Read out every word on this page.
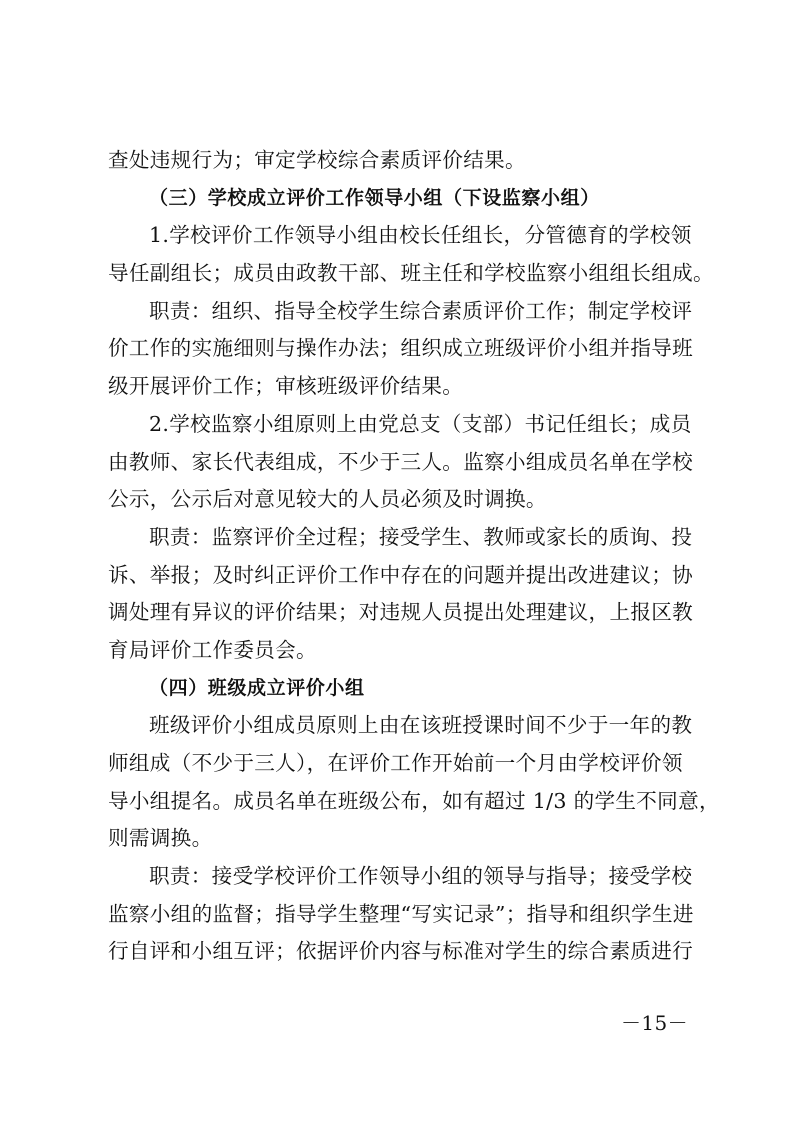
查处违规行为；审定学校综合素质评价结果。
（三）学校成立评价工作领导小组（下设监察小组）
1.学校评价工作领导小组由校长任组长，分管德育的学校领
导任副组长；成员由政教干部、班主任和学校监察小组组长组成。
职责：组织、指导全校学生综合素质评价工作；制定学校评
价工作的实施细则与操作办法；组织成立班级评价小组并指导班
级开展评价工作；审核班级评价结果。
2.学校监察小组原则上由党总支（支部）书记任组长；成员
由教师、家长代表组成，不少于三人。监察小组成员名单在学校
公示，公示后对意见较大的人员必须及时调换。
职责：监察评价全过程；接受学生、教师或家长的质询、投
诉、举报；及时纠正评价工作中存在的问题并提出改进建议；协
调处理有异议的评价结果；对违规人员提出处理建议，上报区教
育局评价工作委员会。
（四）班级成立评价小组
班级评价小组成员原则上由在该班授课时间不少于一年的教
师组成（不少于三人），在评价工作开始前一个月由学校评价领
导小组提名。成员名单在班级公布，如有超过 1/3 的学生不同意，
则需调换。
职责：接受学校评价工作领导小组的领导与指导；接受学校
监察小组的监督；指导学生整理“写实记录”；指导和组织学生进
行自评和小组互评；依据评价内容与标准对学生的综合素质进行
－15－
